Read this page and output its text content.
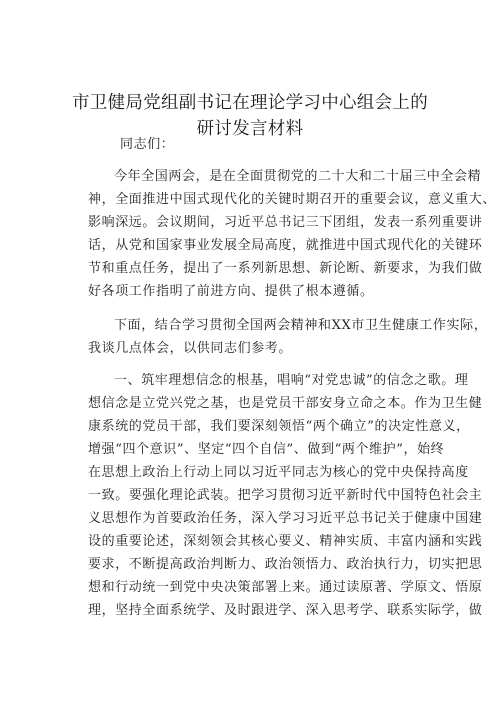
市卫健局党组副书记在理论学习中心组会上的
研讨发言材料
同志们：
今年全国两会，是在全面贯彻党的二十大和二十届三中全会精
神，全面推进中国式现代化的关键时期召开的重要会议，意义重大、
影响深远。会议期间，习近平总书记三下团组，发表一系列重要讲
话，从党和国家事业发展全局高度，就推进中国式现代化的关键环
节和重点任务，提出了一系列新思想、新论断、新要求，为我们做
好各项工作指明了前进方向、提供了根本遵循。
下面，结合学习贯彻全国两会精神和XX市卫生健康工作实际，
我谈几点体会，以供同志们参考。
一、筑牢理想信念的根基，唱响“对党忠诚”的信念之歌。理
想信念是立党兴党之基，也是党员干部安身立命之本。作为卫生健
康系统的党员干部，我们要深刻领悟“两个确立”的决定性意义，
增强“四个意识”、坚定“四个自信”、做到“两个维护”，始终
在思想上政治上行动上同以习近平同志为核心的党中央保持高度
一致。要强化理论武装。把学习贯彻习近平新时代中国特色社会主
义思想作为首要政治任务，深入学习习近平总书记关于健康中国建
设的重要论述，深刻领会其核心要义、精神实质、丰富内涵和实践
要求，不断提高政治判断力、政治领悟力、政治执行力，切实把思
想和行动统一到党中央决策部署上来。通过读原著、学原文、悟原
理，坚持全面系统学、及时跟进学、深入思考学、联系实际学，做
